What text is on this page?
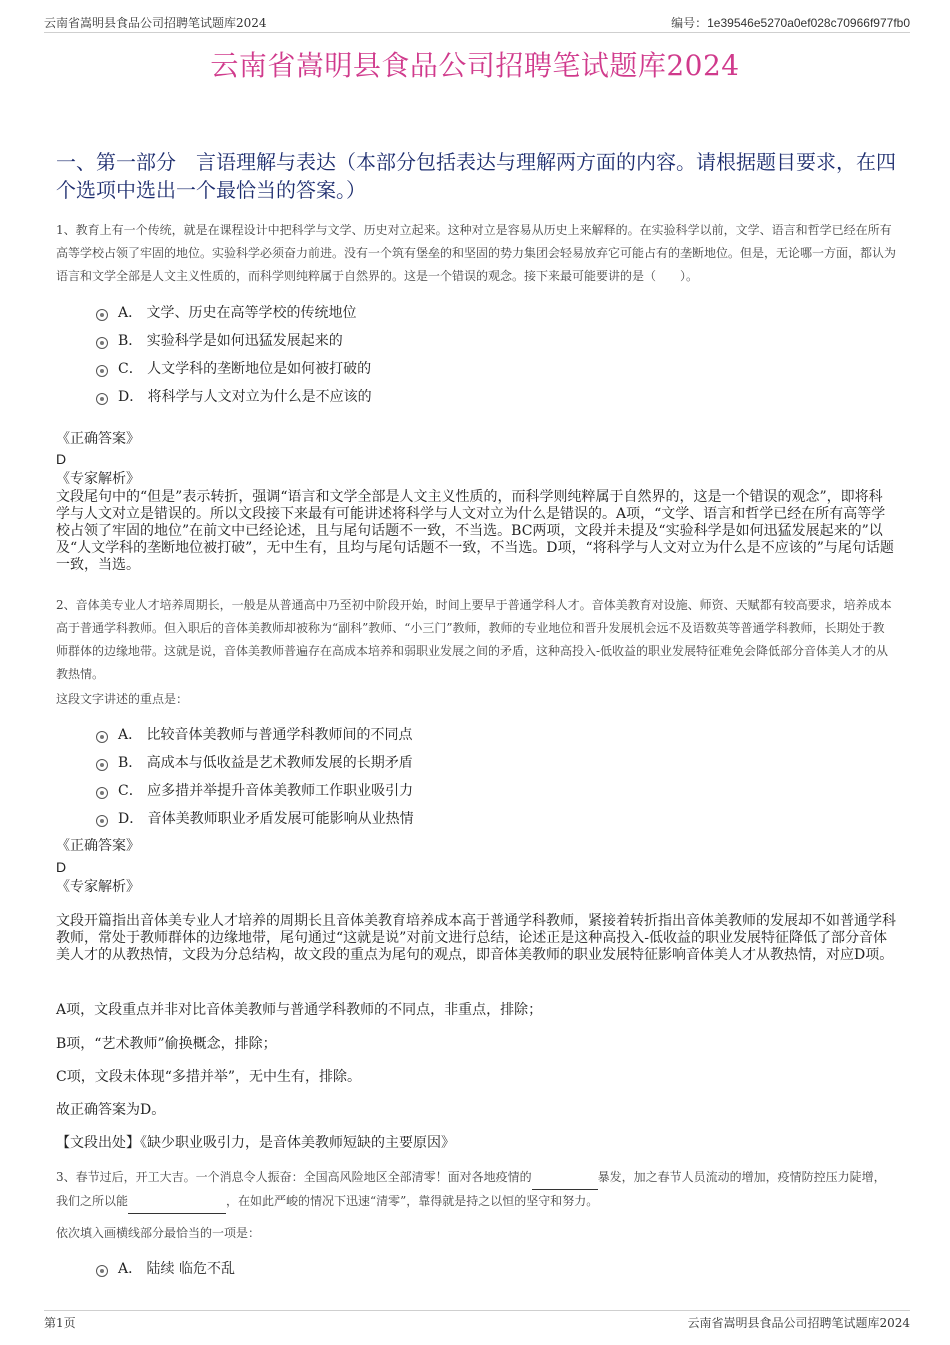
云南省嵩明县食品公司招聘笔试题库2024	编号：1e39546e5270a0ef028c70966f977fb0
云南省嵩明县食品公司招聘笔试题库2024
一、第一部分　言语理解与表达（本部分包括表达与理解两方面的内容。请根据题目要求，在四个选项中选出一个最恰当的答案。）
1、教育上有一个传统，就是在课程设计中把科学与文学、历史对立起来。这种对立是容易从历史上来解释的。在实验科学以前，文学、语言和哲学已经在所有高等学校占领了牢固的地位。实验科学必须奋力前进。没有一个筑有堡垒的和坚固的势力集团会轻易放弃它可能占有的垄断地位。但是，无论哪一方面，都认为语言和文学全部是人文主义性质的，而科学则纯粹属于自然界的。这是一个错误的观念。接下来最可能要讲的是（　　）。
A． 文学、历史在高等学校的传统地位
B． 实验科学是如何迅猛发展起来的
C． 人文学科的垄断地位是如何被打破的
D． 将科学与人文对立为什么是不应该的
《正确答案》
D
《专家解析》
文段尾句中的“但是”表示转折，强调“语言和文学全部是人文主义性质的，而科学则纯粹属于自然界的，这是一个错误的观念”，即将科学与人文对立是错误的。所以文段接下来最有可能讲述将科学与人文对立为什么是错误的。A项，“文学、语言和哲学已经在所有高等学校占领了牢固的地位”在前文中已经论述，且与尾句话题不一致，不当选。BC两项，文段并未提及“实验科学是如何迅猛发展起来的”以及“人文学科的垄断地位被打破”，无中生有，且均与尾句话题不一致，不当选。D项，“将科学与人文对立为什么是不应该的”与尾句话题一致，当选。
2、音体美专业人才培养周期长，一般是从普通高中乃至初中阶段开始，时间上要早于普通学科人才。音体美教育对设施、师资、天赋都有较高要求，培养成本高于普通学科教师。但入职后的音体美教师却被称为“副科”教师、“小三门”教师，教师的专业地位和晋升发展机会远不及语数英等普通学科教师，长期处于教师群体的边缘地带。这就是说，音体美教师普遍存在高成本培养和弱职业发展之间的矛盾，这种高投入-低收益的职业发展特征难免会降低部分音体美人才的从教热情。
这段文字讲述的重点是：
A． 比较音体美教师与普通学科教师间的不同点
B． 高成本与低收益是艺术教师发展的长期矛盾
C． 应多措并举提升音体美教师工作职业吸引力
D． 音体美教师职业矛盾发展可能影响从业热情
《正确答案》
D
《专家解析》
文段开篇指出音体美专业人才培养的周期长且音体美教育培养成本高于普通学科教师，紧接着转折指出音体美教师的发展却不如普通学科教师，常处于教师群体的边缘地带，尾句通过“这就是说”对前文进行总结，论述正是这种高投入-低收益的职业发展特征降低了部分音体美人才的从教热情，文段为分总结构，故文段的重点为尾句的观点，即音体美教师的职业发展特征影响音体美人才从教热情，对应D项。
A项，文段重点并非对比音体美教师与普通学科教师的不同点，非重点，排除；
B项，“艺术教师”偷换概念，排除；
C项，文段未体现“多措并举”，无中生有，排除。
故正确答案为D。
【文段出处】《缺少职业吸引力，是音体美教师短缺的主要原因》
3、春节过后，开工大吉。一个消息令人振奋：全国高风险地区全部清零！面对各地疫情的	暴发，加之春节人员流动的增加，疫情防控压力陡增，我们之所以能	，在如此严峻的情况下迅速“清零”，靠得就是持之以恒的坚守和努力。
依次填入画横线部分最恰当的一项是：
A． 陆续 临危不乱
第1页	云南省嵩明县食品公司招聘笔试题库2024
